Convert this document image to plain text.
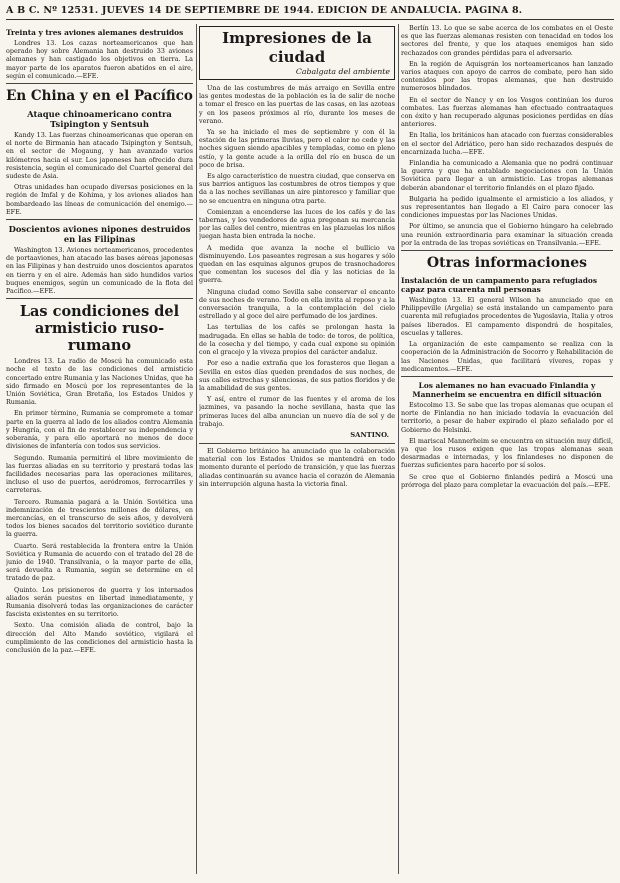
A B C. Nº 12531. JUEVES 14 DE SEPTIEMBRE DE 1944. EDICIÓN DE ANDALUCÍA. PÁGINA 8.
Treinta y tres aviones alemanes destruidos

Londres 13. Los cazas norteamericanos que han operado hoy sobre Alemania han destruido 33 aviones alemanes y han castigado los objetivos en tierra. La mayor parte de los aparatos fueron abatidos en el aire, según el comunicado.—EFE.

En China y en el Pacífico
Ataque chinoamericano contra Tsipington y Sentsuh

Kandy 13. Las fuerzas chinoamericanas que operan en el norte de Birmania han atacado Tsipington y Sentsuh, en el sector de Mogaung, y han avanzado varios kilómetros hacia el sur. Los japoneses han ofrecido dura resistencia, según el comunicado del Cuartel general del sudeste de Asia.

Otras unidades han ocupado diversas posiciones en la región de Imfal y de Kohima, y los aviones aliados han bombardeado las líneas de comunicación del enemigo.—EFE.

Doscientos aviones nipones destruidos en las Filipinas

Washington 13. Aviones norteamericanos, procedentes de portaaviones, han atacado las bases aéreas japonesas en las Filipinas y han destruido unos doscientos aparatos en tierra y en el aire. Además han sido hundidos varios buques enemigos, según un comunicado de la flota del Pacífico.—EFE.

Las condiciones del armisticio ruso-rumano

Londres 13. La radio de Moscú ha comunicado esta noche el texto de las condiciones del armisticio concertado entre Rumania y las Naciones Unidas, que ha sido firmado en Moscú por los representantes de la Unión Soviética, Gran Bretaña, los Estados Unidos y Rumania.

En primer término, Rumania se compromete a tomar parte en la guerra al lado de los aliados contra Alemania y Hungría, con el fin de restablecer su independencia y soberanía, y para ello aportará no menos de doce divisiones de infantería con todos sus servicios.

Segundo. Rumania permitirá el libre movimiento de las fuerzas aliadas en su territorio y prestará todas las facilidades necesarias para las operaciones militares, incluso el uso de puertos, aeródromos, ferrocarriles y carreteras.

Tercero. Rumania pagará a la Unión Soviética una indemnización de trescientos millones de dólares, en mercancías, en el transcurso de seis años, y devolverá todos los bienes sacados del territorio soviético durante la guerra.

Cuarto. Será restablecida la frontera entre la Unión Soviética y Rumania de acuerdo con el tratado del 28 de junio de 1940. Transilvania, o la mayor parte de ella, será devuelta a Rumania, según se determine en el tratado de paz.

Quinto. Los prisioneros de guerra y los internados aliados serán puestos en libertad inmediatamente, y Rumania disolverá todas las organizaciones de carácter fascista existentes en su territorio.

Sexto. Una comisión aliada de control, bajo la dirección del Alto Mando soviético, vigilará el cumplimiento de las condiciones del armisticio hasta la conclusión de la paz.—EFE.

Impresiones de la ciudad
Cabalgata del ambiente

Una de las costumbres de más arraigo en Sevilla entre las gentes modestas de la población es la de salir de noche a tomar el fresco en las puertas de las casas, en las azoteas y en los paseos próximos al río, durante los meses de verano.

Ya se ha iniciado el mes de septiembre y con él la estación de las primeras lluvias, pero el calor no cede y las noches siguen siendo apacibles y templadas, como en pleno estío, y la gente acude a la orilla del río en busca de un poco de brisa.

Es algo característico de nuestra ciudad, que conserva en sus barrios antiguos las costumbres de otros tiempos y que da a las noches sevillanas un aire pintoresco y familiar que no se encuentra en ninguna otra parte.

Comienzan a encenderse las luces de los cafés y de las tabernas, y los vendedores de agua pregonan su mercancía por las calles del centro, mientras en las plazuelas los niños juegan hasta bien entrada la noche.

A medida que avanza la noche el bullicio va disminuyendo. Los paseantes regresan a sus hogares y sólo quedan en las esquinas algunos grupos de trasnochadores que comentan los sucesos del día y las noticias de la guerra.

Ninguna ciudad como Sevilla sabe conservar el encanto de sus noches de verano. Todo en ella invita al reposo y a la conversación tranquila, a la contemplación del cielo estrellado y al goce del aire perfumado de los jardines.

Las tertulias de los cafés se prolongan hasta la madrugada. En ellas se habla de todo: de toros, de política, de la cosecha y del tiempo, y cada cual expone su opinión con el gracejo y la viveza propios del carácter andaluz.

Por eso a nadie extraña que los forasteros que llegan a Sevilla en estos días queden prendados de sus noches, de sus calles estrechas y silenciosas, de sus patios floridos y de la amabilidad de sus gentes.

Y así, entre el rumor de las fuentes y el aroma de los jazmines, va pasando la noche sevillana, hasta que las primeras luces del alba anuncian un nuevo día de sol y de trabajo.

SANTINO.

El Gobierno británico ha anunciado que la colaboración material con los Estados Unidos se mantendrá en todo momento durante el período de transición, y que las fuerzas aliadas continuarán su avance hacia el corazón de Alemania sin interrupción alguna hasta la victoria final.

Berlín 13. Lo que se sabe acerca de los combates en el Oeste es que las fuerzas alemanas resisten con tenacidad en todos los sectores del frente, y que los ataques enemigos han sido rechazados con grandes pérdidas para el adversario.

En la región de Aquisgrán los norteamericanos han lanzado varios ataques con apoyo de carros de combate, pero han sido contenidos por las tropas alemanas, que han destruido numerosos blindados.

En el sector de Nancy y en los Vosgos continúan los duros combates. Las fuerzas alemanas han efectuado contraataques con éxito y han recuperado algunas posiciones perdidas en días anteriores.

En Italia, los británicos han atacado con fuerzas considerables en el sector del Adriático, pero han sido rechazados después de encarnizada lucha.—EFE.

Finlandia ha comunicado a Alemania que no podrá continuar la guerra y que ha entablado negociaciones con la Unión Soviética para llegar a un armisticio. Las tropas alemanas deberán abandonar el territorio finlandés en el plazo fijado.

Bulgaria ha pedido igualmente el armisticio a los aliados, y sus representantes han llegado a El Cairo para conocer las condiciones impuestas por las Naciones Unidas.

Por último, se anuncia que el Gobierno húngaro ha celebrado una reunión extraordinaria para examinar la situación creada por la entrada de las tropas soviéticas en Transilvania.—EFE.

Otras informaciones
Instalación de un campamento para refugiados capaz para cuarenta mil personas

Washington 13. El general Wilson ha anunciado que en Philippeville (Argelia) se está instalando un campamento para cuarenta mil refugiados procedentes de Yugoslavia, Italia y otros países liberados. El campamento dispondrá de hospitales, escuelas y talleres.

La organización de este campamento se realiza con la cooperación de la Administración de Socorro y Rehabilitación de las Naciones Unidas, que facilitará víveres, ropas y medicamentos.—EFE.

Los alemanes no han evacuado Finlandia y Mannerheim se encuentra en difícil situación

Estocolmo 13. Se sabe que las tropas alemanas que ocupan el norte de Finlandia no han iniciado todavía la evacuación del territorio, a pesar de haber expirado el plazo señalado por el Gobierno de Helsinki.

El mariscal Mannerheim se encuentra en situación muy difícil, ya que los rusos exigen que las tropas alemanas sean desarmadas e internadas, y los finlandeses no disponen de fuerzas suficientes para hacerlo por sí solos.

Se cree que el Gobierno finlandés pedirá a Moscú una prórroga del plazo para completar la evacuación del país.—EFE.
